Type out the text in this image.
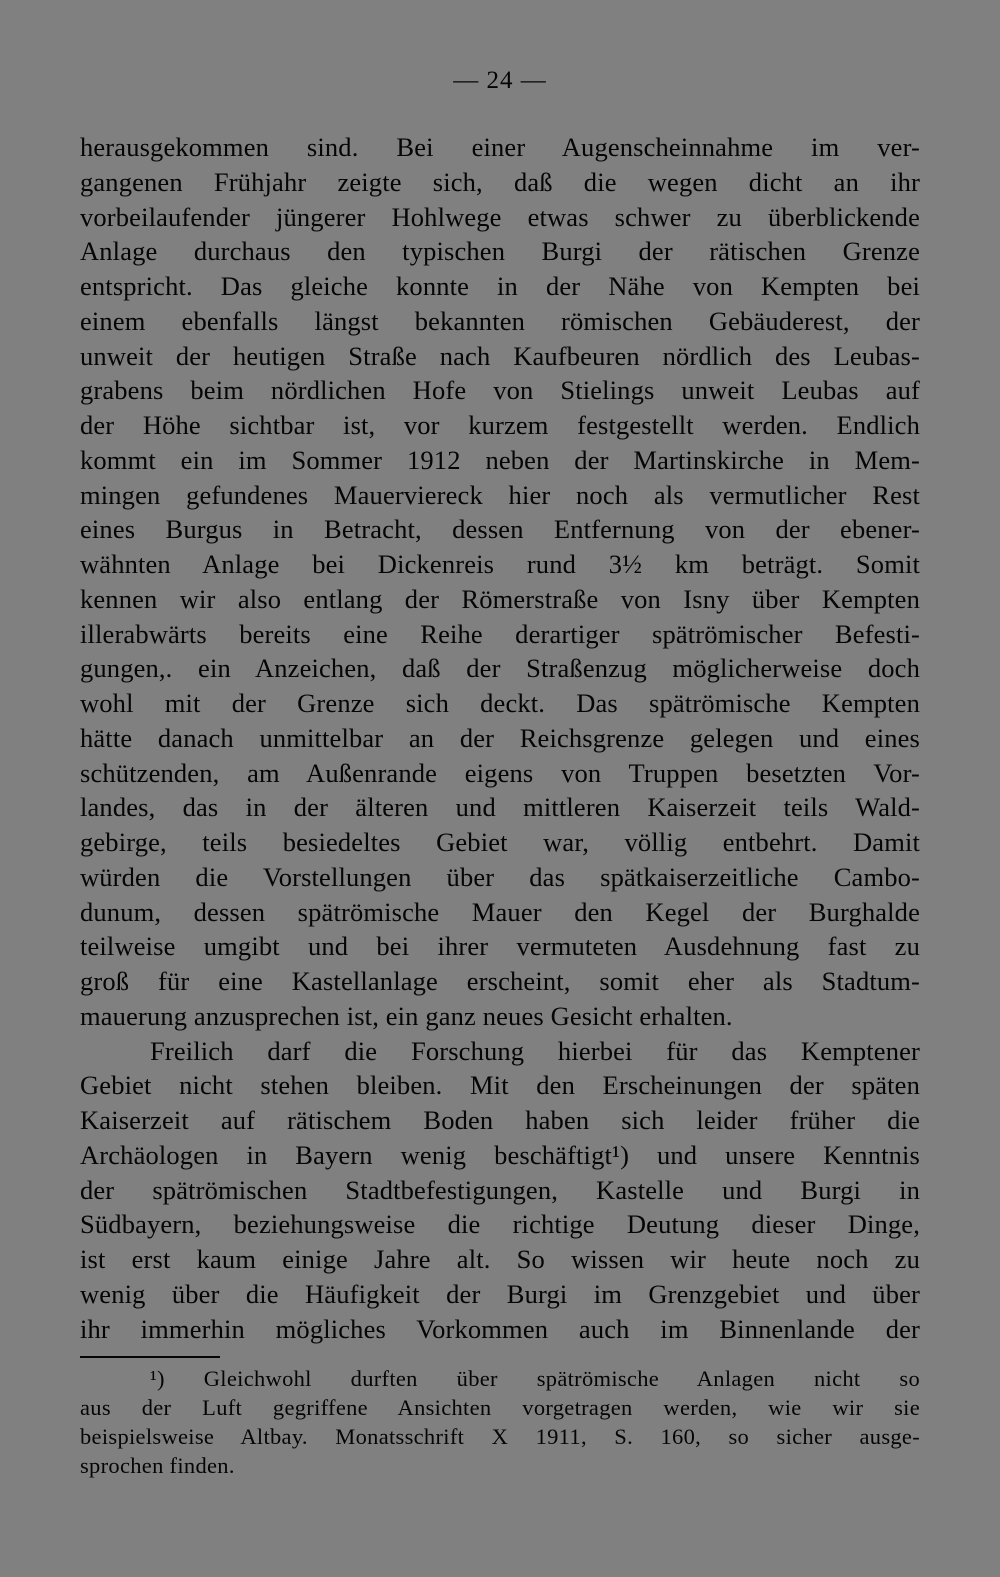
— 24 —
herausgekommen sind. Bei einer Augenscheinnahme im ver-
gangenen Frühjahr zeigte sich, daß die wegen dicht an ihr
vorbeilaufender jüngerer Hohlwege etwas schwer zu überblickende
Anlage durchaus den typischen Burgi der rätischen Grenze
entspricht. Das gleiche konnte in der Nähe von Kempten bei
einem ebenfalls längst bekannten römischen Gebäuderest, der
unweit der heutigen Straße nach Kaufbeuren nördlich des Leubas-
grabens beim nördlichen Hofe von Stielings unweit Leubas auf
der Höhe sichtbar ist, vor kurzem festgestellt werden. Endlich
kommt ein im Sommer 1912 neben der Martinskirche in Mem-
mingen gefundenes Mauerviereck hier noch als vermutlicher Rest
eines Burgus in Betracht, dessen Entfernung von der ebener-
wähnten Anlage bei Dickenreis rund 3½ km beträgt. Somit
kennen wir also entlang der Römerstraße von Isny über Kempten
illerabwärts bereits eine Reihe derartiger spätrömischer Befesti-
gungen,. ein Anzeichen, daß der Straßenzug möglicherweise doch
wohl mit der Grenze sich deckt. Das spätrömische Kempten
hätte danach unmittelbar an der Reichsgrenze gelegen und eines
schützenden, am Außenrande eigens von Truppen besetzten Vor-
landes, das in der älteren und mittleren Kaiserzeit teils Wald-
gebirge, teils besiedeltes Gebiet war, völlig entbehrt. Damit
würden die Vorstellungen über das spätkaiserzeitliche Cambo-
dunum, dessen spätrömische Mauer den Kegel der Burghalde
teilweise umgibt und bei ihrer vermuteten Ausdehnung fast zu
groß für eine Kastellanlage erscheint, somit eher als Stadtum-
mauerung anzusprechen ist, ein ganz neues Gesicht erhalten.
Freilich darf die Forschung hierbei für das Kemptener
Gebiet nicht stehen bleiben. Mit den Erscheinungen der späten
Kaiserzeit auf rätischem Boden haben sich leider früher die
Archäologen in Bayern wenig beschäftigt¹) und unsere Kenntnis
der spätrömischen Stadtbefestigungen, Kastelle und Burgi in
Südbayern, beziehungsweise die richtige Deutung dieser Dinge,
ist erst kaum einige Jahre alt. So wissen wir heute noch zu
wenig über die Häufigkeit der Burgi im Grenzgebiet und über
ihr immerhin mögliches Vorkommen auch im Binnenlande der
¹) Gleichwohl durften über spätrömische Anlagen nicht so
aus der Luft gegriffene Ansichten vorgetragen werden, wie wir sie
beispielsweise Altbay. Monatsschrift X 1911, S. 160, so sicher ausge-
sprochen finden.
